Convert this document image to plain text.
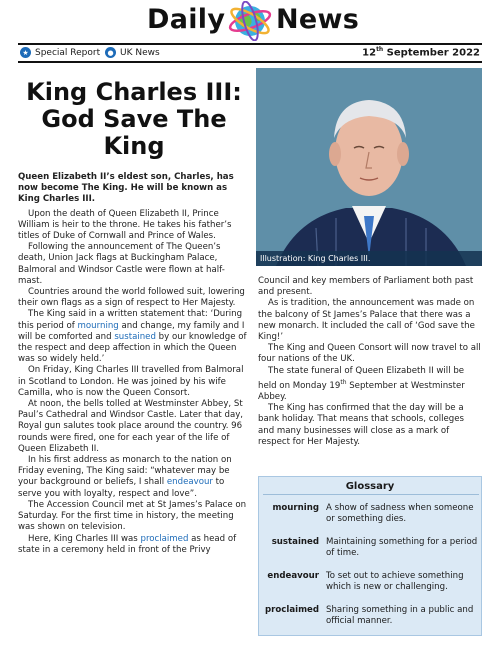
Daily News
★ Special Report	● UK News	12th September 2022
King Charles III:
God Save The
King
Illustration: King Charles III.

Queen Elizabeth II’s eldest son, Charles, has now become The King. He will be known as King Charles III.

Upon the death of Queen Elizabeth II, Prince William is heir to the throne. He takes his father’s titles of Duke of Cornwall and Prince of Wales.

Following the announcement of The Queen’s death, Union Jack flags at Buckingham Palace, Balmoral and Windsor Castle were flown at half-mast.

Countries around the world followed suit, lowering their own flags as a sign of respect to Her Majesty.

The King said in a written statement that: ‘During this period of mourning and change, my family and I will be comforted and sustained by our knowledge of the respect and deep affection in which the Queen was so widely held.’

On Friday, King Charles III travelled from Balmoral in Scotland to London. He was joined by his wife Camilla, who is now the Queen Consort.

At noon, the bells tolled at Westminster Abbey, St Paul’s Cathedral and Windsor Castle. Later that day, Royal gun salutes took place around the country. 96 rounds were fired, one for each year of the life of Queen Elizabeth II.

In his first address as monarch to the nation on Friday evening, The King said: “whatever may be your background or beliefs, I shall endeavour to serve you with loyalty, respect and love”.

The Accession Council met at St James’s Palace on Saturday. For the first time in history, the meeting was shown on television.

Here, King Charles III was proclaimed as head of state in a ceremony held in front of the Privy

Council and key members of Parliament both past and present.

As is tradition, the announcement was made on the balcony of St James’s Palace that there was a new monarch. It included the call of ‘God save the King!’

The King and Queen Consort will now travel to all four nations of the UK.

The state funeral of Queen Elizabeth II will be held on Monday 19th September at Westminster Abbey.

The King has confirmed that the day will be a bank holiday. That means that schools, colleges and many businesses will close as a mark of respect for Her Majesty.

Glossary
mourning A show of sadness when someone or something dies.
sustained Maintaining something for a period of time.
endeavour To set out to achieve something which is new or challenging.
proclaimed Sharing something in a public and official manner.
